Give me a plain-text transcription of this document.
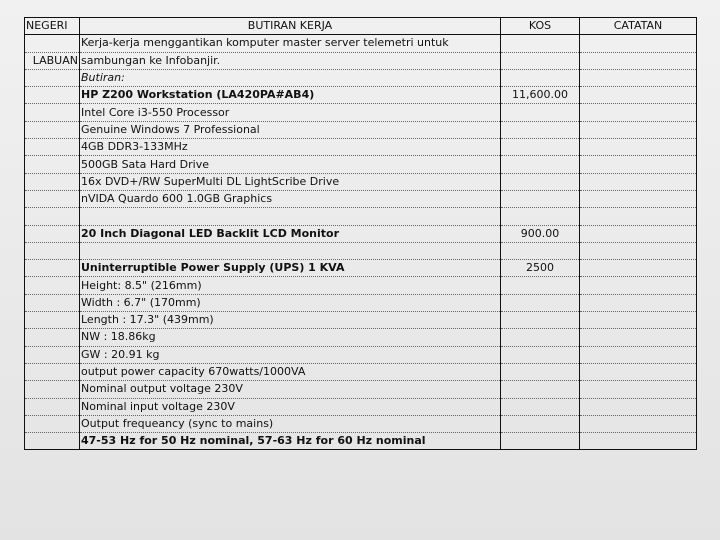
NEGERI	BUTIRAN KERJA	KOS	CATATAN
	Kerja-kerja menggantikan komputer master server telemetri untuk		
LABUAN	sambungan ke Infobanjir.		
	Butiran:		
	HP Z200 Workstation (LA420PA#AB4)	11,600.00	
	Intel Core i3-550 Processor		
	Genuine Windows 7 Professional		
	4GB DDR3-133MHz		
	500GB Sata Hard Drive		
	16x DVD+/RW SuperMulti DL LightScribe Drive		
	nVIDA Quardo 600 1.0GB Graphics		

	20 Inch Diagonal LED Backlit LCD Monitor	900.00	

	Uninterruptible Power Supply (UPS) 1 KVA	2500	
	Height: 8.5" (216mm)		
	Width : 6.7" (170mm)		
	Length : 17.3" (439mm)		
	NW : 18.86kg		
	GW : 20.91 kg		
	output power capacity 670watts/1000VA		
	Nominal output voltage 230V		
	Nominal input voltage 230V		
	Output frequeancy (sync to mains)		
	47-53 Hz for 50 Hz nominal, 57-63 Hz for 60 Hz nominal		
